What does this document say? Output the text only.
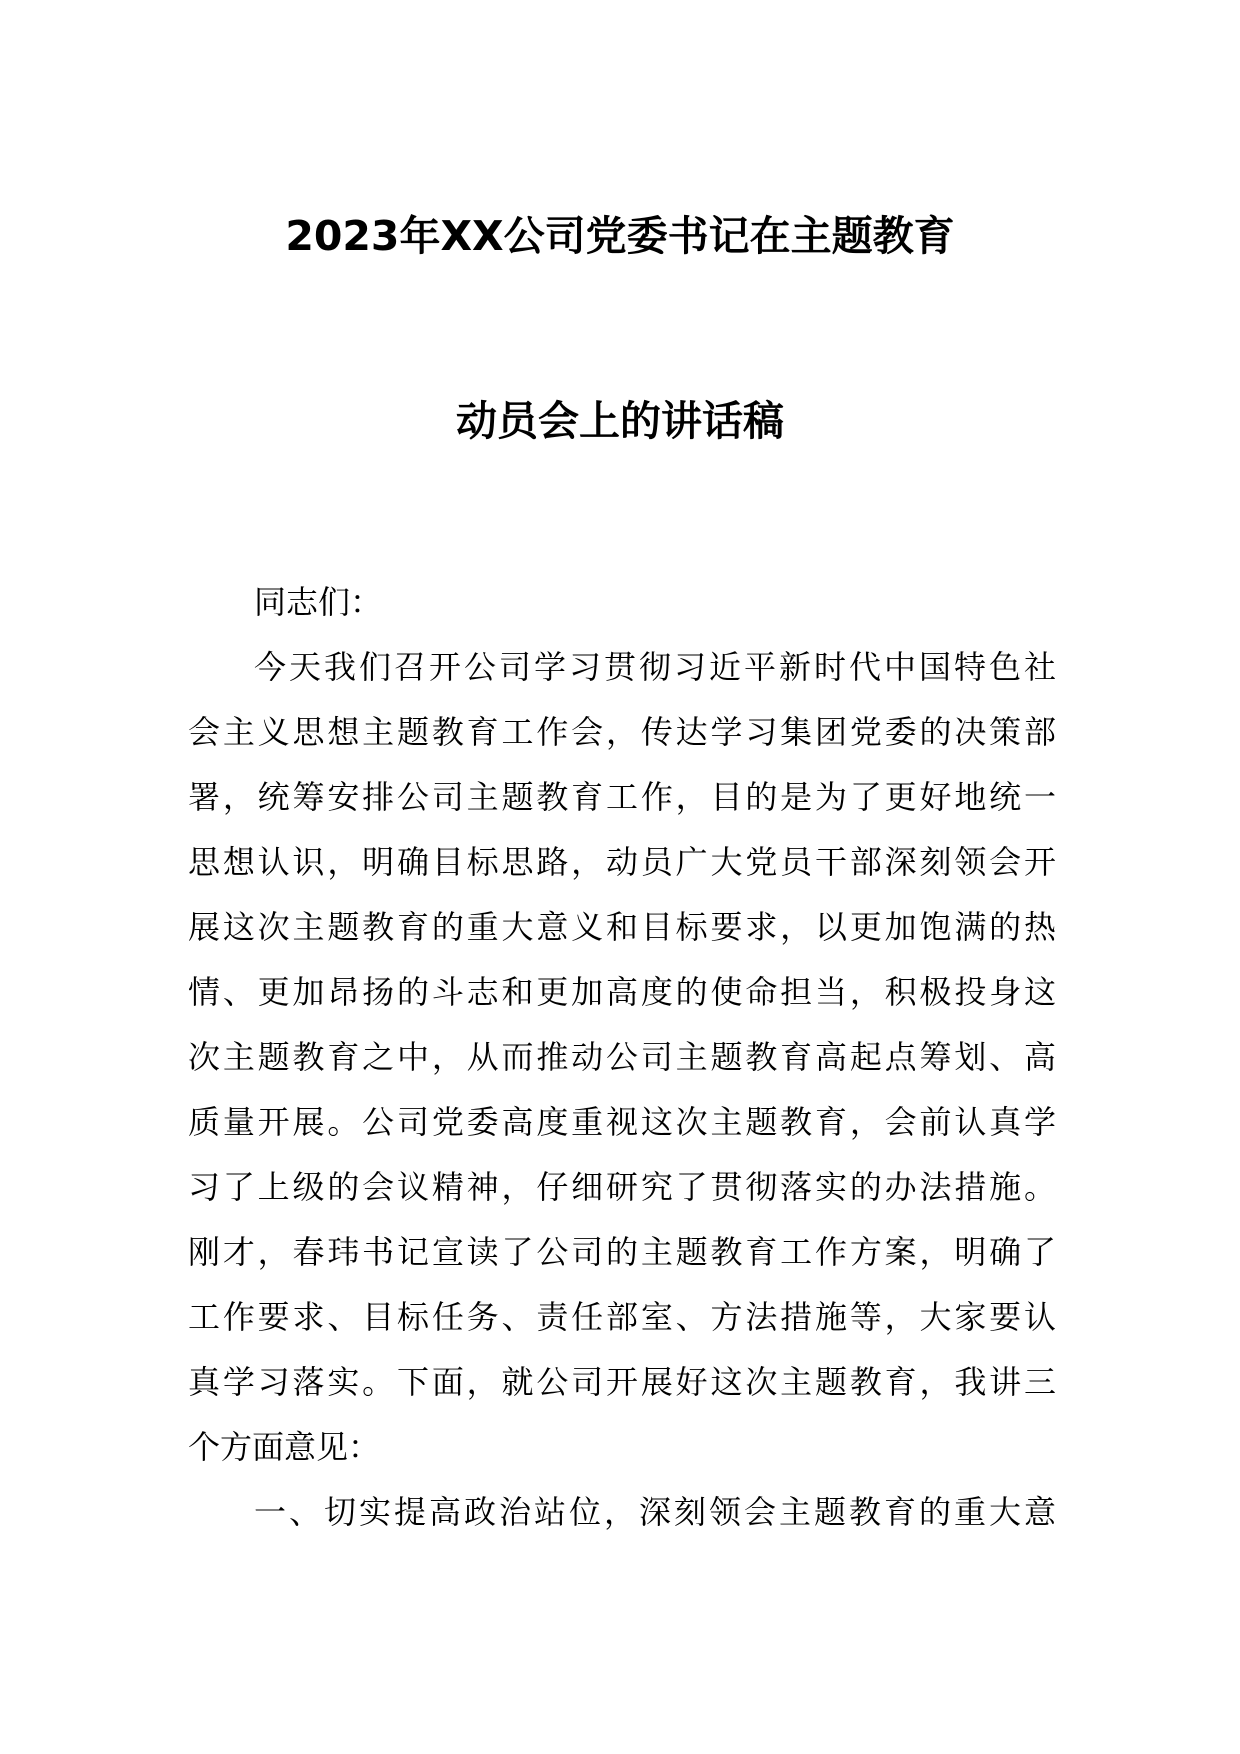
2023年XX公司党委书记在主题教育
动员会上的讲话稿
同志们：
今天我们召开公司学习贯彻习近平新时代中国特色社
会主义思想主题教育工作会，传达学习集团党委的决策部
署，统筹安排公司主题教育工作，目的是为了更好地统一
思想认识，明确目标思路，动员广大党员干部深刻领会开
展这次主题教育的重大意义和目标要求，以更加饱满的热
情、更加昂扬的斗志和更加高度的使命担当，积极投身这
次主题教育之中，从而推动公司主题教育高起点筹划、高
质量开展。公司党委高度重视这次主题教育，会前认真学
习了上级的会议精神，仔细研究了贯彻落实的办法措施。
刚才，春玮书记宣读了公司的主题教育工作方案，明确了
工作要求、目标任务、责任部室、方法措施等，大家要认
真学习落实。下面，就公司开展好这次主题教育，我讲三
个方面意见：
一、切实提高政治站位，深刻领会主题教育的重大意
